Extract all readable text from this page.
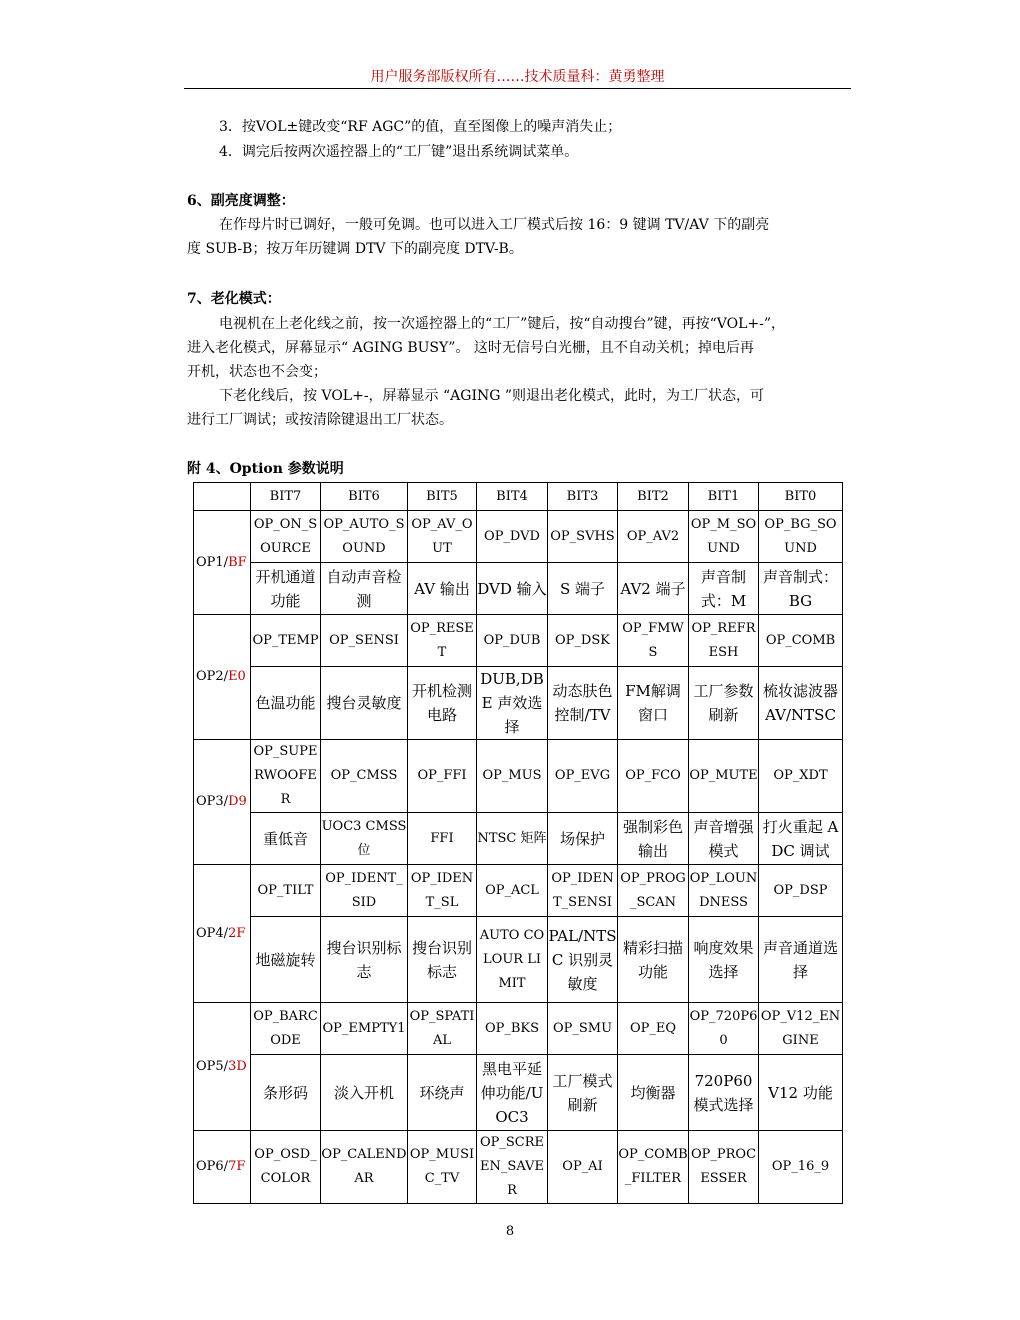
用户服务部版权所有……技术质量科：黄勇整理
3．按VOL±键改变“RF AGC”的值，直至图像上的噪声消失止；
4．调完后按两次遥控器上的“工厂键”退出系统调试菜单。
6、副亮度调整：
在作母片时已调好，一般可免调。也可以进入工厂模式后按 16：9 键调 TV/AV 下的副亮
度 SUB-B；按万年历键调 DTV 下的副亮度 DTV-B。
7、老化模式：
电视机在上老化线之前，按一次遥控器上的“工厂”键后，按“自动搜台”键，再按“VOL+-”，
进入老化模式，屏幕显示“ AGING BUSY”。 这时无信号白光栅，且不自动关机；掉电后再
开机，状态也不会变；
下老化线后，按 VOL+-，屏幕显示 “AGING ”则退出老化模式，此时，为工厂状态，可
进行工厂调试；或按清除键退出工厂状态。
附 4、Option 参数说明
	BIT7	BIT6	BIT5	BIT4	BIT3	BIT2	BIT1	BIT0
OP1/BF	OP_ON_SOURCE	OP_AUTO_SOUND	OP_AV_OUT	OP_DVD	OP_SVHS	OP_AV2	OP_M_SOUND	OP_BG_SOUND
	开机通道功能	自动声音检测	AV 输出	DVD 输入	S 端子	AV2 端子	声音制式：M	声音制式：BG
OP2/E0	OP_TEMP	OP_SENSI	OP_RESET	OP_DUB	OP_DSK	OP_FMWS	OP_REFRESH	OP_COMB
	色温功能	搜台灵敏度	开机检测电路	DUB,DBE 声效选择	动态肤色控制/TV	FM解调窗口	工厂参数刷新	梳妆滤波器 AV/NTSC
OP3/D9	OP_SUPERWOOFER	OP_CMSS	OP_FFI	OP_MUS	OP_EVG	OP_FCO	OP_MUTE	OP_XDT
	重低音	UOC3 CMSS 位	FFI	NTSC 矩阵	场保护	强制彩色输出	声音增强模式	打火重起 ADC 调试
OP4/2F	OP_TILT	OP_IDENT_SID	OP_IDENT_SL	OP_ACL	OP_IDENT_SENSI	OP_PROG_SCAN	OP_LOUNDNESS	OP_DSP
	地磁旋转	搜台识别标志	搜台识别标志	AUTO COLOUR LIMIT	PAL/NTSC 识别灵敏度	精彩扫描功能	响度效果选择	声音通道选择
OP5/3D	OP_BARCODE	OP_EMPTY1	OP_SPATIAL	OP_BKS	OP_SMU	OP_EQ	OP_720P60	OP_V12_ENGINE
	条形码	淡入开机	环绕声	黑电平延伸功能/UOC3	工厂模式刷新	均衡器	720P60 模式选择	V12 功能
OP6/7F	OP_OSD_COLOR	OP_CALENDAR	OP_MUSIC_TV	OP_SCREEN_SAVER	OP_AI	OP_COMB_FILTER	OP_PROCESSER	OP_16_9
8
